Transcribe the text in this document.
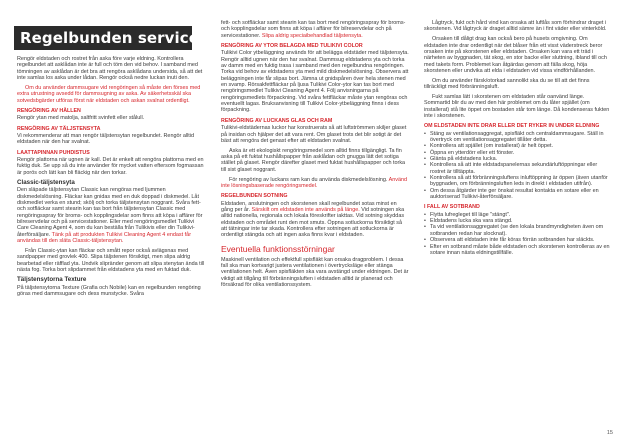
Regelbunden service

Rengör eldstaden och rostret från aska före varje eldning. Kontrollera regelbundet att asklådan inte är full och töm den vid behov. I samband med tömningen av asklådan är det bra att rengöra asklådans undersida, så att det inte samlas los aska under lådan. Rengör också nedre luckan inuti den.

Om du använder dammsugare vid rengöringen så måste den förses med extra utrustning avsedd för dammsugning av aska. Av säkerhetsskäl ska sotvedsbgärder utföras först när eldstaden och askan svalnat ordentligt.

RENGÖRING AV HÄLLEN

Rengör ytan med matolja, saltfritt svinfett eller stålull.

RENGÖRING AV TÄLJSTENSYTA

Vi rekommenderar att man rengör täljstensytan regelbundet. Rengör alltid eldstaden när den har svalnat.

LAATTAPINNAN PUHDISTUS

Rengör plattorna när ugnen är kall. Det är enkelt att rengöra plattorna med en fuktig duk. Se upp så du inte använder för mycket vatten eftersom fogmassan är porös och lätt kan bli fläckig när den torkar.

Classic-täljstensyta

Den släpade täljstensytan Classic kan rengöras med ljummen diskmedelslösning. Fläckar kan gnidas med en duk doppad i diskmedel. Låt diskmedlet verka en stund; skölj och torka täljstensytan noggrant. Svåra fett- och sotfläckar samt stearin kan tas bort från täljstensytan Classic med rengöringsspray för broms- och kopplingsdelar som finns att köpa i affärer för bilreservdelar och på servicestationer. Eller med rengöringsmedlet Tulikivi Care Cleaning Agent 4, som du kan beställa från Tulikivis eller din Tulikivi-återförsäljare. Tänk på att produkten Tulikivi Cleaning Agent 4 endast får användas till den släta Classic-täljstensytan.

Från Classic-ytan kan fläckar och smått repor också avlägsnas med sandpapper med grovlek 400. Slipa täljstenen försiktigt, men slipa aldrig bearbetad eller räfflad yta. Undvik slipränder genom att slipa stenytan ända till nästa fog. Torka bort slipdammet från eldstadens yta med en fuktad duk.

Täljstensytorna Texture

På täljstensytorna Texture (Grafia och Nobile) kan en regelbunden rengöring göras med dammsugare och dess munstycke. Svåra

fett- och sotfläckar samt stearin kan tas bort med rengöringsspray för broms- och kopplingsdelar som finns att köpa i affärer för bilreservdelar och på servicestationer. Slipa aldrig speciaibehandlad täljstensyta.

RENGÖRING AV YTOR BELAGDA MED TULIKIVI COLOR

Tulikivi Color ytbeläggning används för att belägga eldstäder med täljstensyta. Rengör alltid ugnen när den har svalnat. Dammsug eldstadens yta och torka av damm med en fuktig trasa i samband med den regelbundna rengöringen. Torka vid behov av eldstadens yta med mild diskmedelslösning. Observera att beläggningen inte får slipas bort. Jämna ut gnidspåren över hela stenen med en svamp. Rörsakfettfläckar på ljusa Tulikivi Color-ytor kan tas bort med rengöringsmedlet Tulikivi Cleaning Agent 4. Följ anvisningarna på rengöringsmedlets förpackning. Vid svåra fettfläckar måste ytan rengöras och eventuellt lagas. Bruksanvisning till Tulikivi Color-ytbeläggning finns i dess förpackning.

RENGÖRING AV LUCKANS GLAS OCH RAM

Tulikivi-eldstädernas luckor har konstruerats så att luftströmmen skiljer glaset på insidan och hjälper det att vara rent. Om glaset trots det blir sotigt är det bäst att rengöra det genast efter att eldstaden svalnat.

Aska är ett ekologiskt rengöringsmedel som alltid finns tillgängligt. Ta fin aska på ett fuktat hushållspapper från asklådan och gnugga lätt det sotiga stället på glaset. Rengör därefter glaset med fuktat hushållspapper och torka till sist glaset noggrant.

För rengöring av luckans ram kan du använda diskmedelslösning. Använd inte lösningsbaserade rengöringsmedel.

REGELBUNDEN SOTNING

Eldstaden, anslutningen och skorstenen skall regelbundet sotas minst en gång per år. Särskilt om eldstaden inte används på länge. Vid sotningen ska alltid nationella, regionala och lokala föreskrifter iakttas. Vid sotning skyddas eldstaden och området runt den mot smuts. Öppna sotluckorna försiktigt så att tätningar inte tar skada. Kontrollera efter sotningen att sotluckorna är ordentligt stängda och att ingen aska finns kvar i eldstaden.

Eventuella funktionsstörningar

Maskinell ventilation och effektfull spisfläkt kan orsaka dragproblem. I dessa fall ska man kortvarigt justera ventilationen i övertrycksläge eller stänga ventilationen helt. Även spisfläkten ska vara avstängd under eldningen. Det är viktigt att tillgång till förbränningsluften i eldstaden alltid är planerad och försäkrad för olika ventilationssystem.

Lågtryck, fukt och hård vind kan orsaka att luftlås som förhindrar draget i skorstenen. Vid lågtryck är draget alltid sämre än i fint väder eller vinterköld.

Orsaken till dåligt drag kan också bero på husets omgivning. Om eldstaden inte drar ordentligt när det blåser från ett visst väderstreck beror orsaken inte på skorstenen eller eldstaden. Orsaken kan vara ett träd i närheten av byggnaden, tät skog, en stor backe eller sluttning, ibland till och med takets form. Problemet kan åtgärdas genom att fälla skog, höja skorstenen eller undvika att elda i eldstaden vid vissa vindförhållanden.

Om du använder färsk/otorkad sannolikt ska du se till att det finns tillräckligt med förbränningsluft.

Fukt samlas lätt i skorstenen om eldstaden står oanvänd länge. Sommartid blir du av med den här problemet om du låter spjället (om installerat) stå lite öppet om bostaden står tom länge. Då kondenseras fukten inte i skorstenen.

OM ELDSTADEN INTE DRAR ELLER DET RYKER IN UNDER ELDNING
• Stäng av ventilationsaggregat, spisfläkt och centraldammsugare. Ställ in övertryck om ventilationsaggregatet tillåter detta.
• Kontrollera att spjället (om installerat) är helt öppet.
• Öppna en ytterdörr eller ett fönster.
• Glänta på eldstadens lucka.
• Kontrollera så att inte eldstadspanelernas sekundärluftöppningar eller rostret är tilltäppta.
• Kontrollera så att förbränningsluftens inluftöppning är öppen (även utanför byggnaden, om förbränningsluften leds in direkt i eldstaden utifrån).
• Om dessa åtgärder inte ger önskat resultat kontakta en sotare eller en auktoriserad Tulikivi-återförsäljare.
I FALL AV SOTBRAND
• Flytta lufregleget till läge "stängt".
• Eldstadens lucka ska vara stängd.
• Ta vid ventilationsaggregatet (se den lokala brandmyndigheten även om sotbranden redan har slocknat).
• Observera att eldstaden inte får köras förrän sotbranden har släckts.
• Efter en sotbrand måste både eldstaden och skorstenen kontrolleras av en sotare innan nästa eldningstillfälle.
15
